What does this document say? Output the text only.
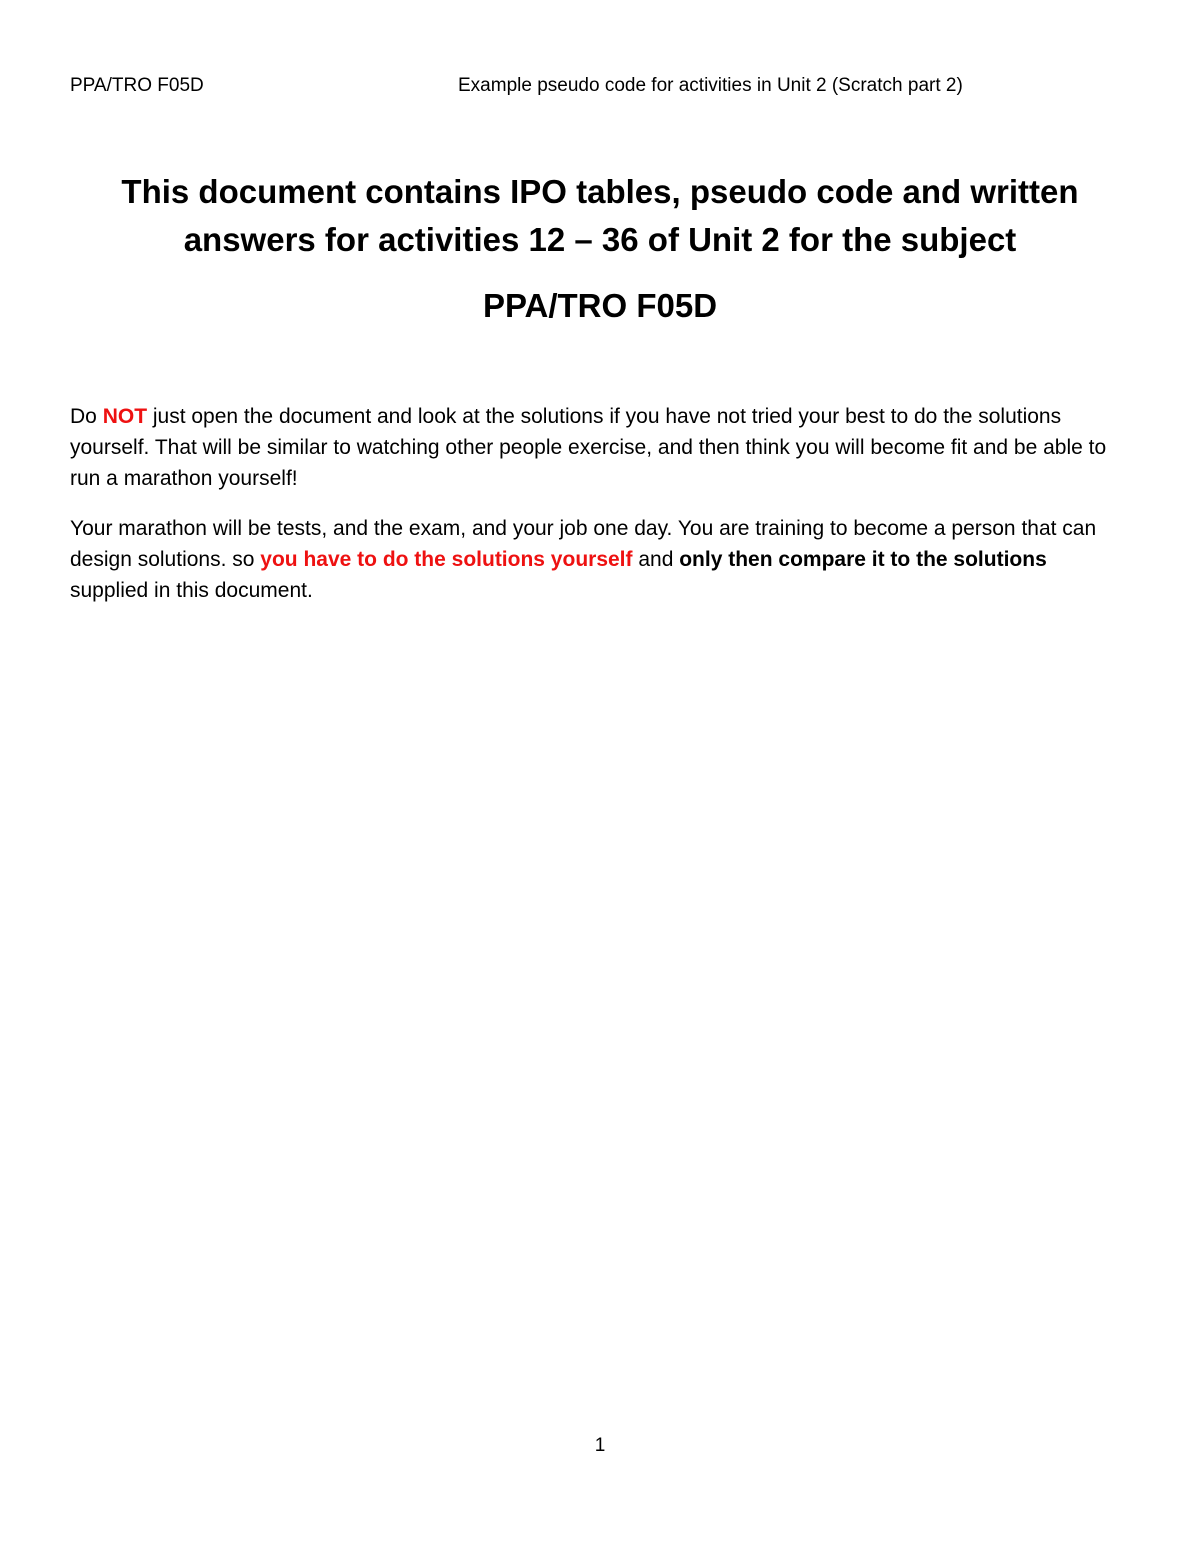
PPA/TRO F05D	Example pseudo code for activities in Unit 2 (Scratch part 2)
This document contains IPO tables, pseudo code and written
answers for activities 12 – 36 of Unit 2 for the subject
PPA/TRO F05D

Do NOT just open the document and look at the solutions if you have not tried your best to do the solutions yourself. That will be similar to watching other people exercise, and then think you will become fit and be able to run a marathon yourself!

Your marathon will be tests, and the exam, and your job one day. You are training to become a person that can design solutions. so you have to do the solutions yourself and only then compare it to the solutions supplied in this document.

1
